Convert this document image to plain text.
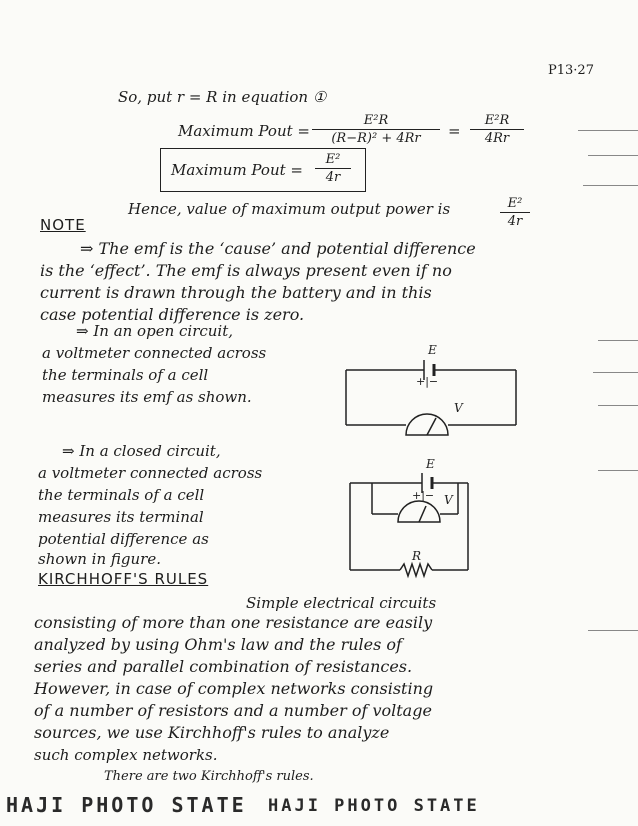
P13·27
So, put r = R in equation ①
Maximum Pout =
E²R
(R−R)² + 4Rr	=
E²R
4Rr
Maximum Pout =
E²
4r
Hence, value of maximum output power is	E²
4r
NOTE
⇒ The emf is the ‘cause’ and potential difference
is the ‘effect’. The emf is always present even if no
current is drawn through the battery and in this
case potential difference is zero.
⇒ In an open circuit,
a voltmeter connected across
the terminals of a cell
measures its emf as shown.
E
+|−
V
⇒ In a closed circuit,
a voltmeter connected across
the terminals of a cell
measures its terminal
potential difference as
shown in figure.
E
+|− V
R
KIRCHHOFF'S RULES
Simple electrical circuits
consisting of more than one resistance are easily
analyzed by using Ohm's law and the rules of
series and parallel combination of resistances.
However, in case of complex networks consisting
of a number of resistors and a number of voltage
sources, we use Kirchhoff's rules to analyze
such complex networks.
There are two Kirchhoff's rules.
HAJI PHOTO STATE HAJI PHOTO STATE
